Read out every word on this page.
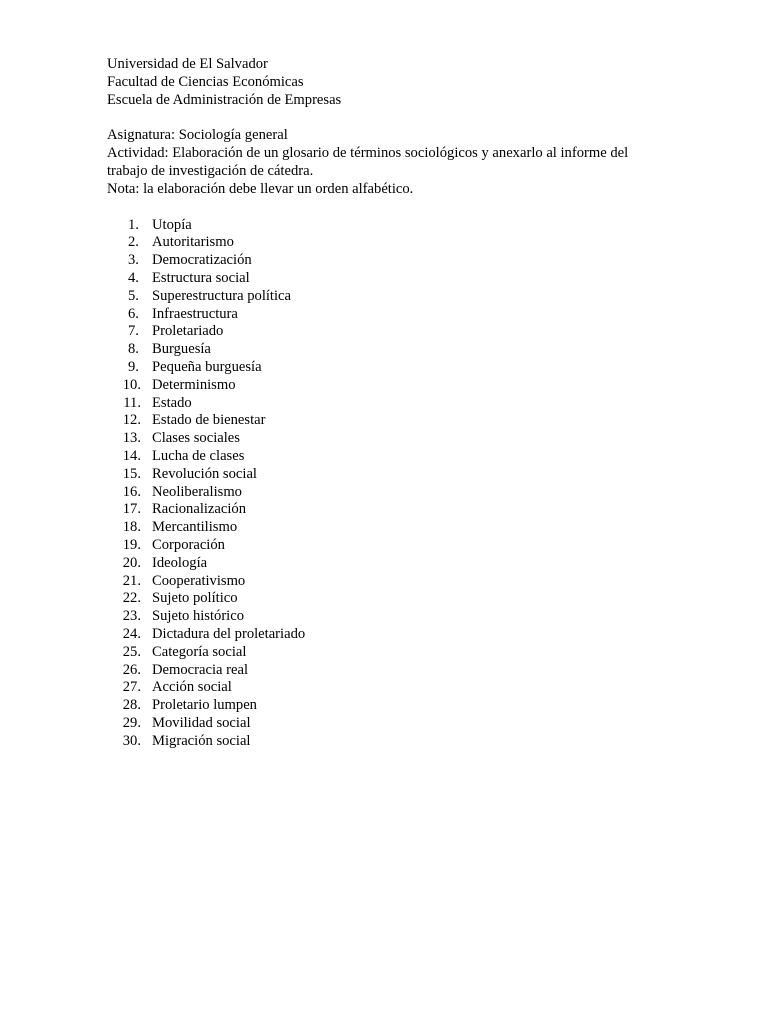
Universidad de El Salvador
Facultad de Ciencias Económicas
Escuela de Administración de Empresas
Asignatura: Sociología general
Actividad: Elaboración de un glosario de términos sociológicos y anexarlo al informe del trabajo de investigación de cátedra.
Nota: la elaboración debe llevar un orden alfabético.
1. Utopía
2. Autoritarismo
3. Democratización
4. Estructura social
5. Superestructura política
6. Infraestructura
7. Proletariado
8. Burguesía
9. Pequeña burguesía
10. Determinismo
11. Estado
12. Estado de bienestar
13. Clases sociales
14. Lucha de clases
15. Revolución social
16. Neoliberalismo
17. Racionalización
18. Mercantilismo
19. Corporación
20. Ideología
21. Cooperativismo
22. Sujeto político
23. Sujeto histórico
24. Dictadura del proletariado
25. Categoría social
26. Democracia real
27. Acción social
28. Proletario lumpen
29. Movilidad social
30. Migración social
